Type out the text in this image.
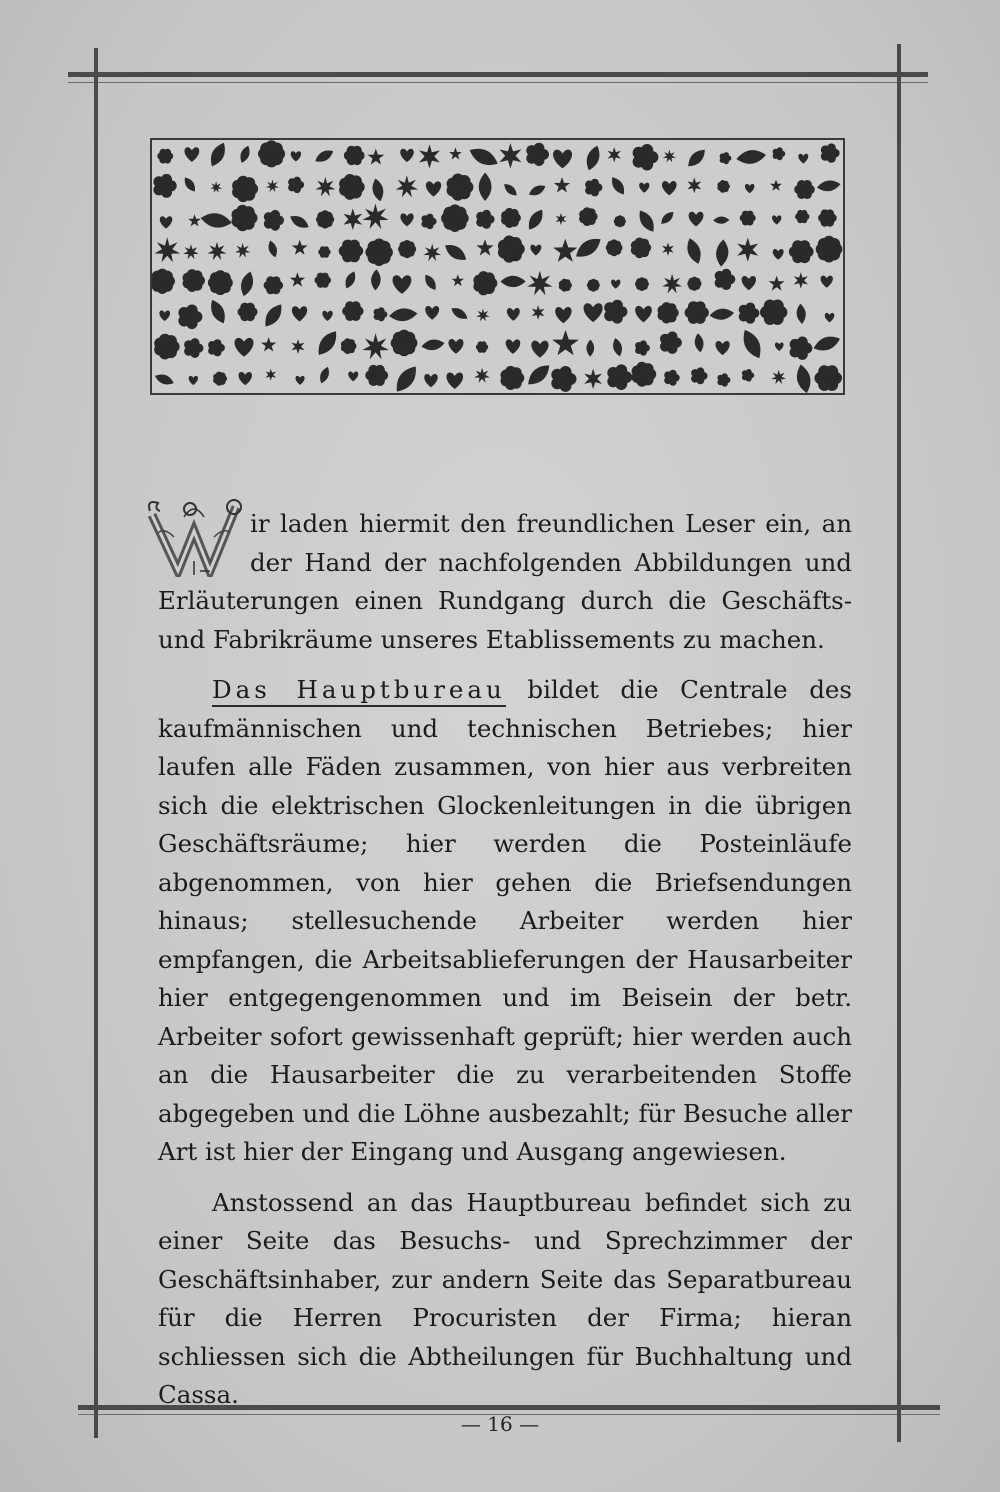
ir laden hiermit den freundlichen Leser ein, an der Hand der nachfolgenden Abbildungen und Erläuterungen einen Rundgang durch die Geschäfts- und Fabrikräume unseres Etablissements zu machen.

Das Hauptbureau bildet die Centrale des kaufmännischen und technischen Betriebes; hier laufen alle Fäden zusammen, von hier aus verbreiten sich die elektrischen Glockenleitungen in die übrigen Geschäftsräume; hier werden die Posteinläufe abgenommen, von hier gehen die Briefsendungen hinaus; stellesuchende Arbeiter werden hier empfangen, die Arbeitsablieferungen der Hausarbeiter hier entgegengenommen und im Beisein der betr. Arbeiter sofort gewissenhaft geprüft; hier werden auch an die Hausarbeiter die zu verarbeitenden Stoffe abgegeben und die Löhne ausbezahlt; für Besuche aller Art ist hier der Eingang und Ausgang angewiesen.

Anstossend an das Hauptbureau befindet sich zu einer Seite das Besuchs- und Sprechzimmer der Geschäftsinhaber, zur andern Seite das Separatbureau für die Herren Procuristen der Firma; hieran schliessen sich die Abtheilungen für Buchhaltung und Cassa.

— 16 —
